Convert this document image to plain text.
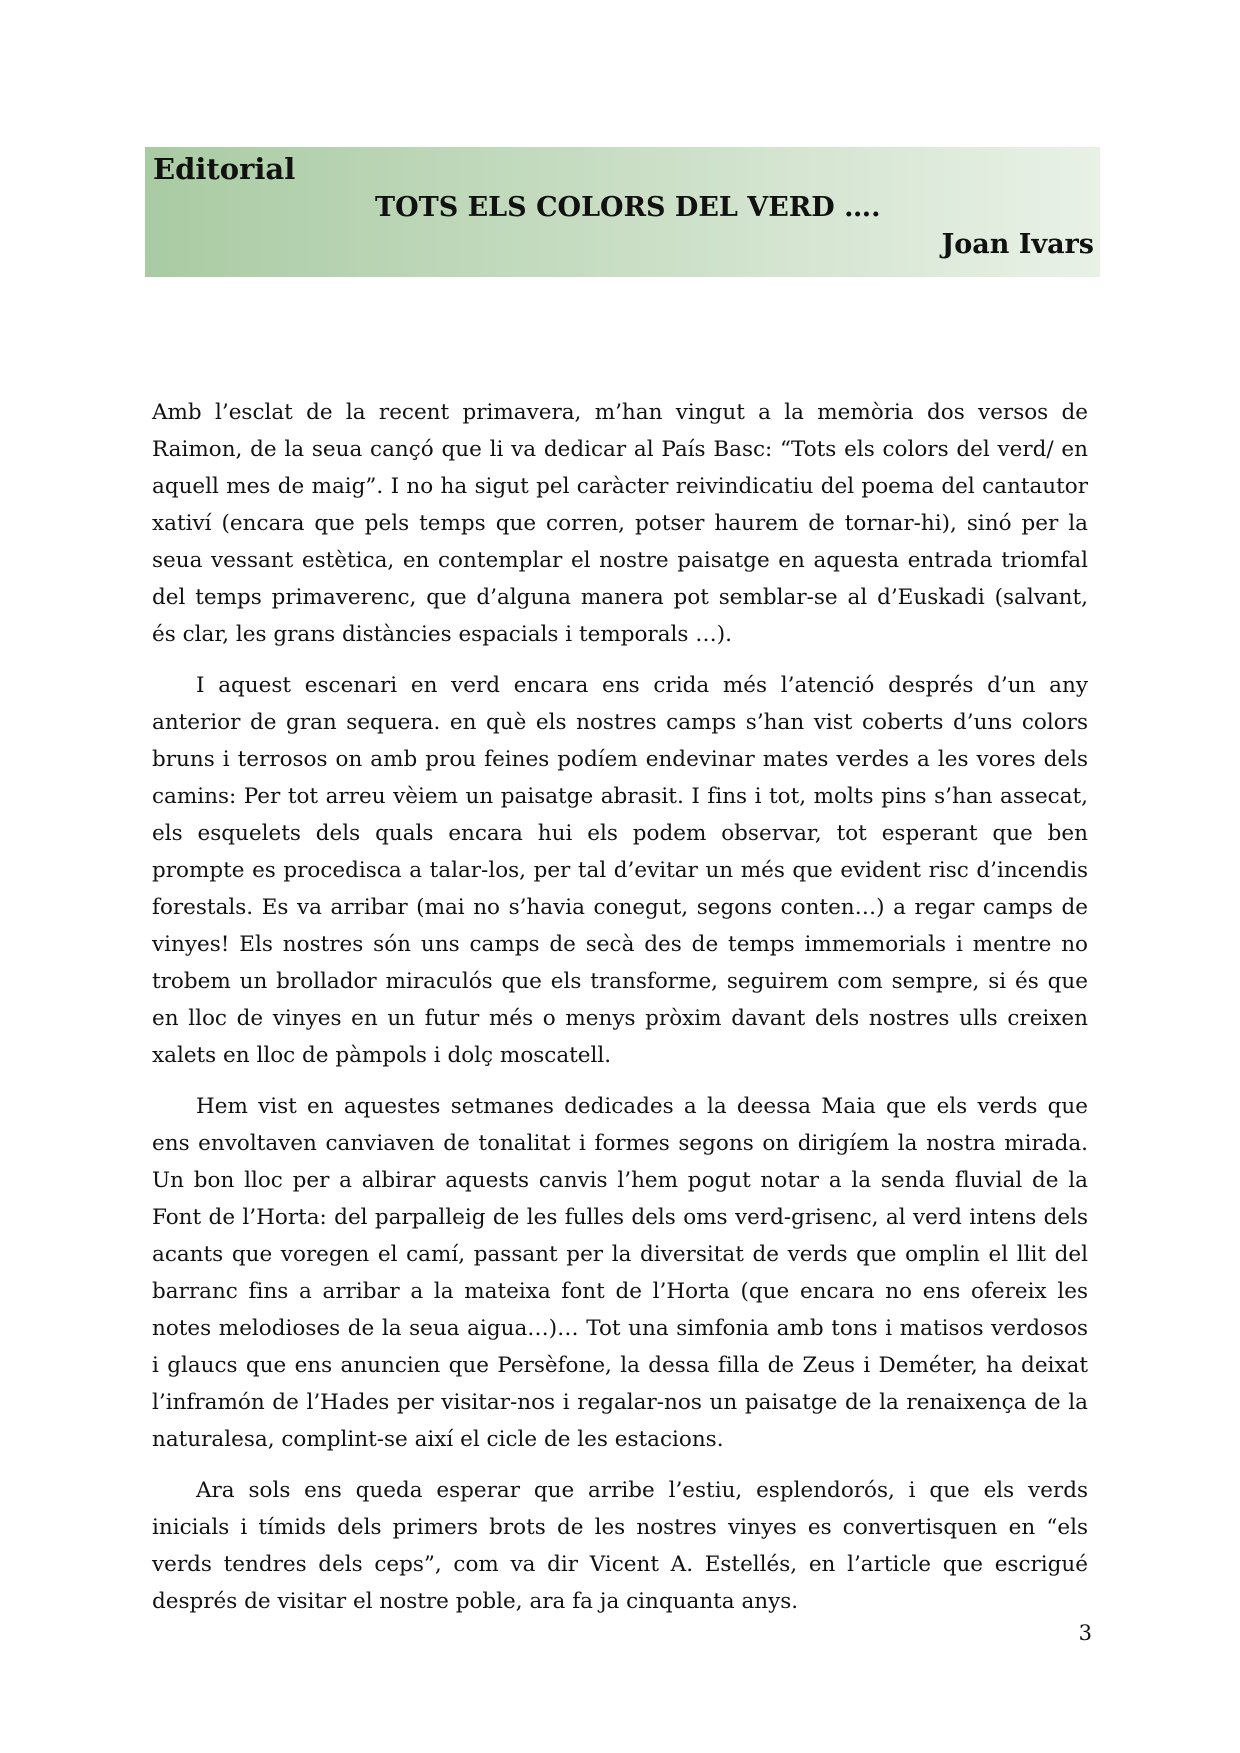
Editorial
TOTS ELS COLORS DEL VERD ….
Joan Ivars

Amb l’esclat de la recent primavera, m’han vingut a la memòria dos versos de Raimon, de la seua cançó que li va dedicar al País Basc: “Tots els colors del verd/ en aquell mes de maig”. I no ha sigut pel caràcter reivindicatiu del poema del cantautor xativí (encara que pels temps que corren, potser haurem de tornar-hi), sinó per la seua vessant estètica, en contemplar el nostre paisatge en aquesta entrada triomfal del temps primaverenc, que d’alguna manera pot semblar-se al d’Euskadi (salvant, és clar, les grans distàncies espacials i temporals …).

I aquest escenari en verd encara ens crida més l’atenció després d’un any anterior de gran sequera. en què els nostres camps s’han vist coberts d’uns colors bruns i terrosos on amb prou feines podíem endevinar mates verdes a les vores dels camins: Per tot arreu vèiem un paisatge abrasit. I fins i tot, molts pins s’han assecat, els esquelets dels quals encara hui els podem observar, tot esperant que ben prompte es procedisca a talar-los, per tal d’evitar un més que evident risc d’incendis forestals. Es va arribar (mai no s’havia conegut, segons conten…) a regar camps de vinyes! Els nostres són uns camps de secà des de temps immemorials i mentre no trobem un brollador miraculós que els transforme, seguirem com sempre, si és que en lloc de vinyes en un futur més o menys pròxim davant dels nostres ulls creixen xalets en lloc de pàmpols i dolç moscatell.

Hem vist en aquestes setmanes dedicades a la deessa Maia que els verds que ens envoltaven canviaven de tonalitat i formes segons on dirigíem la nostra mirada. Un bon lloc per a albirar aquests canvis l’hem pogut notar a la senda fluvial de la Font de l’Horta: del parpalleig de les fulles dels oms verd-grisenc, al verd intens dels acants que voregen el camí, passant per la diversitat de verds que omplin el llit del barranc fins a arribar a la mateixa font de l’Horta (que encara no ens ofereix les notes melodioses de la seua aigua…)… Tot una simfonia amb tons i matisos verdosos i glaucs que ens anuncien que Persèfone, la dessa filla de Zeus i Deméter, ha deixat l’inframón de l’Hades per visitar-nos i regalar-nos un paisatge de la renaixença de la naturalesa, complint-se així el cicle de les estacions.

Ara sols ens queda esperar que arribe l’estiu, esplendorós, i que els verds inicials i tímids dels primers brots de les nostres vinyes es convertisquen en “els verds tendres dels ceps”, com va dir Vicent A. Estellés, en l’article que escrigué després de visitar el nostre poble, ara fa ja cinquanta anys.

3
